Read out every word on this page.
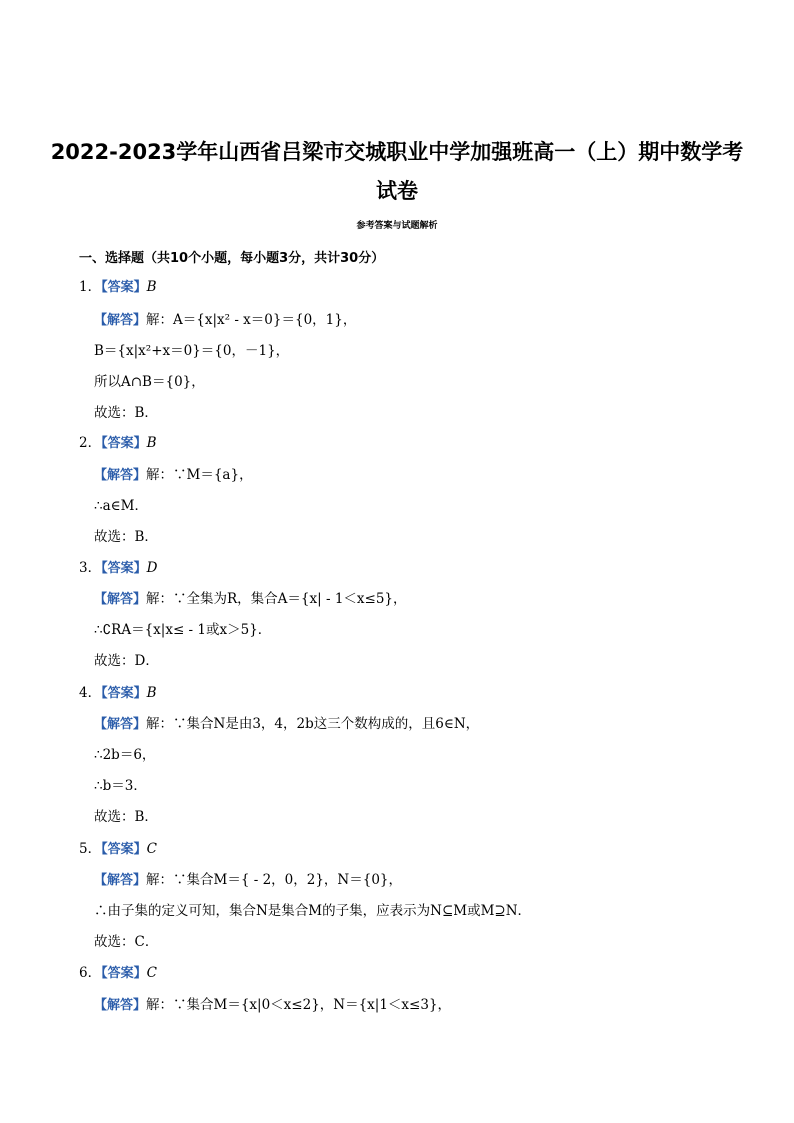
2022-2023学年山西省吕梁市交城职业中学加强班高一（上）期中数学考
试卷
参考答案与试题解析
一、选择题（共10个小题，每小题3分，共计30分）
1．【答案】B
【解答】解：A＝{x|x² - x＝0}＝{0，1}，
B＝{x|x²+x＝0}＝{0，－1}，
所以A∩B＝{0}，
故选：B．
2．【答案】B
【解答】解：∵M＝{a}，
∴a∈M．
故选：B．
3．【答案】D
【解答】解：∵全集为R，集合A＝{x| - 1＜x≤5}，
∴∁RA＝{x|x≤ - 1或x＞5}．
故选：D．
4．【答案】B
【解答】解：∵集合N是由3，4，2b这三个数构成的，且6∈N，
∴2b＝6，
∴b＝3．
故选：B．
5．【答案】C
【解答】解：∵集合M＝{ - 2，0，2}，N＝{0}，
∴由子集的定义可知，集合N是集合M的子集，应表示为N⊆M或M⊇N．
故选：C．
6．【答案】C
【解答】解：∵集合M＝{x|0＜x≤2}，N＝{x|1＜x≤3}，
